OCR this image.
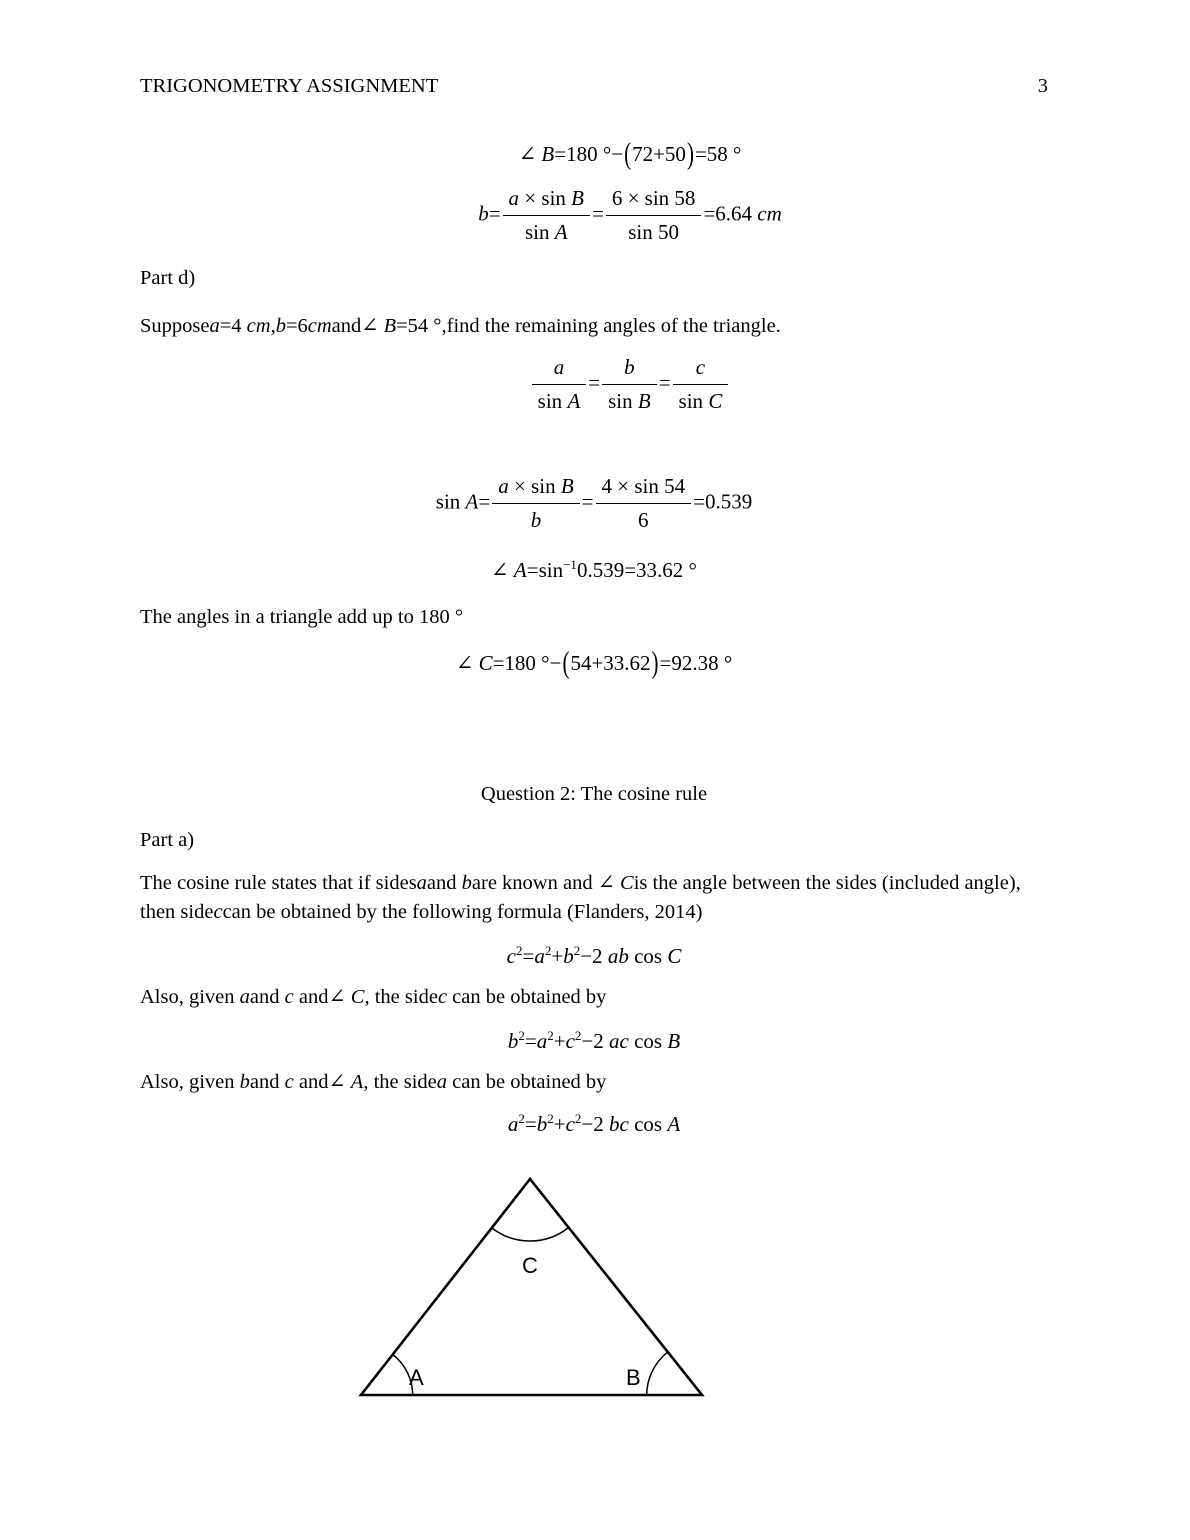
TRIGONOMETRY ASSIGNMENT	3
∠ B=180 °−(72+50)=58 °
$b= \frac{\text{a × sin B}}{\text{sin A}} = \frac{6 \times \sin 58}{\sin 50} =6.64$ cm
Part d)
Supposea=4 cm,b=6cmand∠ B=54 °,find the remaining angles of the triangle.
$\frac{a}{\text{sin A}} = \frac{b}{\text{sin B}} = \frac{c}{\text{sin C}}$
$\sin A= \frac{\text{a × sin B}}{b} = \frac{4 \times \sin 54}{6} =0.539$
∠ $A=\sin^{-1}0.539=33.62$ °
The angles in a triangle add up to 180 °
∠ C=180 °−(54+33.62)=92.38 °
Question 2: The cosine rule
Part a)
The cosine rule states that if sidesaand bare known and ∠ Cis the angle between the sides (included angle), then sideccan be obtained by the following formula (Flanders, 2014)
$c^2=a^2+b^2-2$ ab cos C
Also, given aand c and∠ C, the sidec can be obtained by
$b^2=a^2+c^2-2$ ac cos B
Also, given band c and∠ A, the sidea can be obtained by
$a^2=b^2+c^2-2$ bc cos A
A	B
C
